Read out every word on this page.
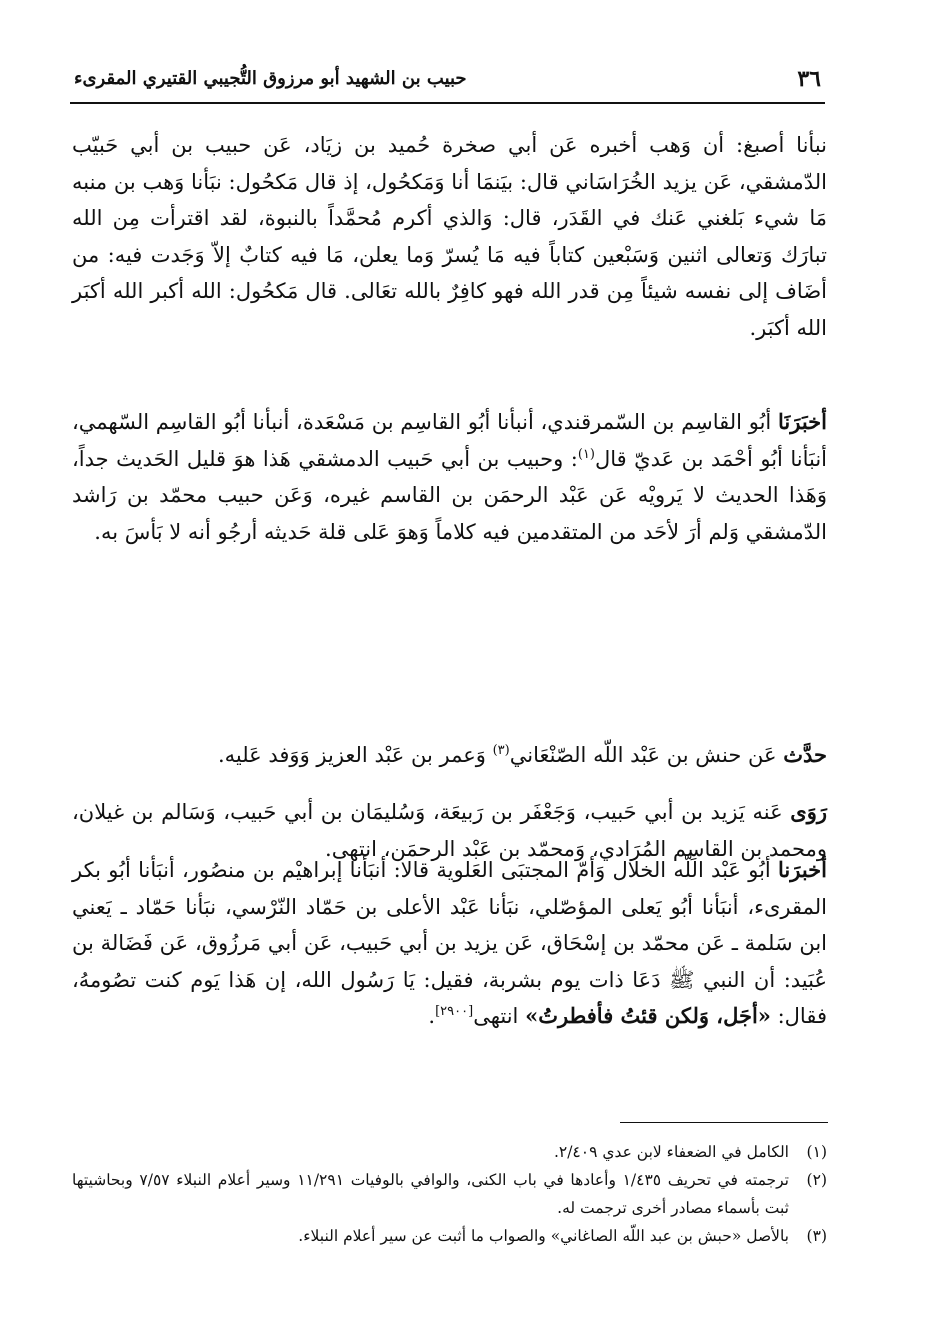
٣٦
حبيب بن الشهيد أبو مرزوق التُّجيبي القتيري المقرىء
نبأنا أصبغ: أن وَهب أخبره عَن أبي صخرة حُميد بن زيَاد، عَن حبيب بن أبي حَبيّب الدّمشقي، عَن يزيد الخُرَاسَاني قال: بيَنمَا أنا وَمَكحُول، إذ قال مَكحُول: نبَأنا وَهب بن منبه مَا شيء بَلغني عَنك في القَدَر، قال: وَالذي أكرم مُحمَّداً بالنبوة، لقد اقترأت مِن الله تبارَك وَتعالى اثنين وَسَبْعين كتاباً فيه مَا يُسرّ وَما يعلن، مَا فيه كتابٌ إلاّ وَجَدت فيه: من أضَاف إلى نفسه شيئاً مِن قدر الله فهو كافِرٌ بالله تعَالى. قال مَكحُول: الله أكبر الله أكبَر الله أكبَر.
أخبَرَنَا أبُو القاسِم بن السّمرقندي، أنبأنا أبُو القاسِم بن مَسْعَدة، أنبأنا أبُو القاسِم السّهمي، أنبَأنا أبُو أحْمَد بن عَديّ قال$^{(١)}$: وحبيب بن أبي حَبيب الدمشقي هَذا هوَ قليل الحَديث جداً، وَهَذا الحديث لا يَرويْه عَن عَبْد الرحمَن بن القاسم غيره، وَعَن حبيب محمّد بن رَاشد الدّمشقي وَلم أرَ لأحَد من المتقدمين فيه كلاماً وَهوَ عَلى قلة حَديثه أرجُو أنه لا بَأسَ به.
حدَّث عَن حنش بن عَبْد اللّه الصّنْعَاني$^{(٣)}$ وَعمر بن عَبْد العزيز وَوَفد عَليه.
رَوَى عَنه يَزيد بن أبي حَبيب، وَجَعْفَر بن رَبيعَة، وَسُليمَان بن أبي حَبيب، وَسَالم بن غيلان، ومحمد بن القاسِم المُرَادي، وَمحمّد بن عَبْد الرحمَن، انتهى.
أخبرَنا أبُو عَبْد اللّه الخلال وَأمّ المجتبَى العَلوية قالا: أنبَأنا إبراهيْم بن منصُور، أنبَأنا أبُو بكر المقرىء، أنبَأنا أبُو يَعلى المؤصّلي، نبَأنا عَبْد الأعلى بن حَمّاد النّرْسي، نبَأنا حَمّاد ـ يَعني ابن سَلمة ـ عَن محمّد بن إسْحَاق، عَن يزيد بن أبي حَبيب، عَن أبي مَرزُوق، عَن فَضَالة بن عُبَيد: أن النبي ﷺ دَعَا ذات يوم بشربة، فقيل: يَا رَسُول الله، إن هَذا يَوم كنت تصُومهُ، فقال: «أجَل، وَلكن قئتُ فأفطرتُ» انتهى[٢٩٠٠].
(١)
الكامل في الضعفاء لابن عدي ٢/٤٠٩.
(٢)
ترجمته في تحريف ١/٤٣٥ وأعادها في باب الكنى، والوافي بالوفيات ١١/٢٩١ وسير أعلام النبلاء ٧/٥٧ وبحاشيتها ثبت بأسماء مصادر أخرى ترجمت له.
(٣)
بالأصل «حبش بن عبد اللّه الصاغاني» والصواب ما أثبت عن سير أعلام النبلاء.
